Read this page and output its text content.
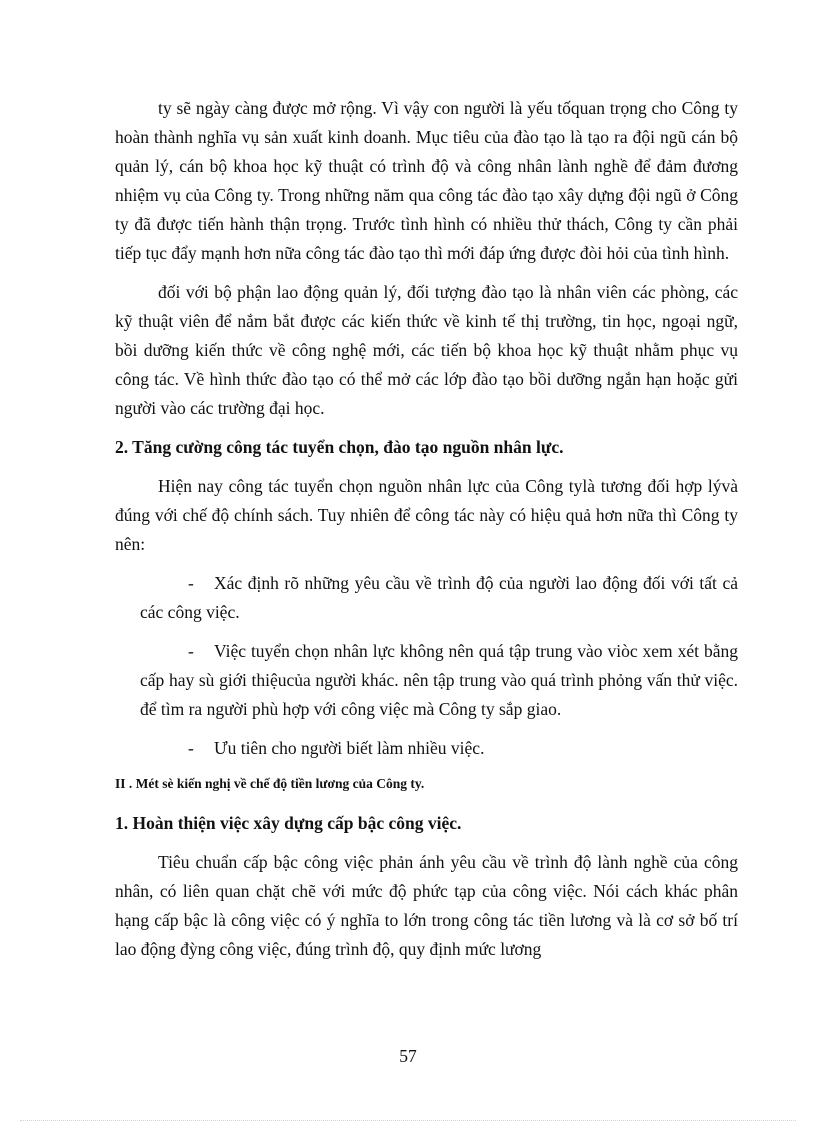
ty sẽ ngày càng được mở rộng. Vì vậy con người là yếu tốquan trọng cho Công ty hoàn thành nghĩa vụ sản xuất kinh doanh. Mục tiêu của đào tạo là tạo ra đội ngũ cán bộ quản lý, cán bộ khoa học kỹ thuật có trình độ và công nhân lành nghề để đảm đương nhiệm vụ của Công ty. Trong những năm qua công tác đào tạo xây dựng đội ngũ ở Công ty đã được tiến hành thận trọng. Trước tình hình có nhiều thử thách, Công ty cần phải tiếp tục đẩy mạnh hơn nữa công tác đào tạo thì mới đáp ứng được đòi hỏi của tình hình.

đối với bộ phận lao động quản lý, đối tượng đào tạo là nhân viên các phòng, các kỹ thuật viên để nắm bắt được các kiến thức về kinh tế thị trường, tin học, ngoại ngữ, bồi dưỡng kiến thức về công nghệ mới, các tiến bộ khoa học kỹ thuật nhằm phục vụ công tác. Về hình thức đào tạo có thể mở các lớp đào tạo bồi dưỡng ngắn hạn hoặc gửi người vào các trường đại học.

2. Tăng cường công tác tuyển chọn, đào tạo nguồn nhân lực.

Hiện nay công tác tuyển chọn nguồn nhân lực của Công tylà tương đối hợp lývà đúng với chế độ chính sách. Tuy nhiên để công tác này có hiệu quả hơn nữa thì Công ty nên:

- Xác định rõ những yêu cầu về trình độ của người lao động đối với tất cả các công việc.

- Việc tuyển chọn nhân lực không nên quá tập trung vào viòc xem xét bằng cấp hay sù giới thiệucủa người khác. nên tập trung vào quá trình phỏng vấn thử việc. để tìm ra người phù hợp với công việc mà Công ty sắp giao.

- Ưu tiên cho người biết làm nhiều việc.

II . Mét sè kiến nghị về chế độ tiền lương của Công ty.
1. Hoàn thiện việc xây dựng cấp bậc công việc.

Tiêu chuẩn cấp bậc công việc phản ánh yêu cầu về trình độ lành nghề của công nhân, có liên quan chặt chẽ với mức độ phức tạp của công việc. Nói cách khác phân hạng cấp bậc là công việc có ý nghĩa to lớn trong công tác tiền lương và là cơ sở bố trí lao động đỳng công việc, đúng trình độ, quy định mức lương

57
